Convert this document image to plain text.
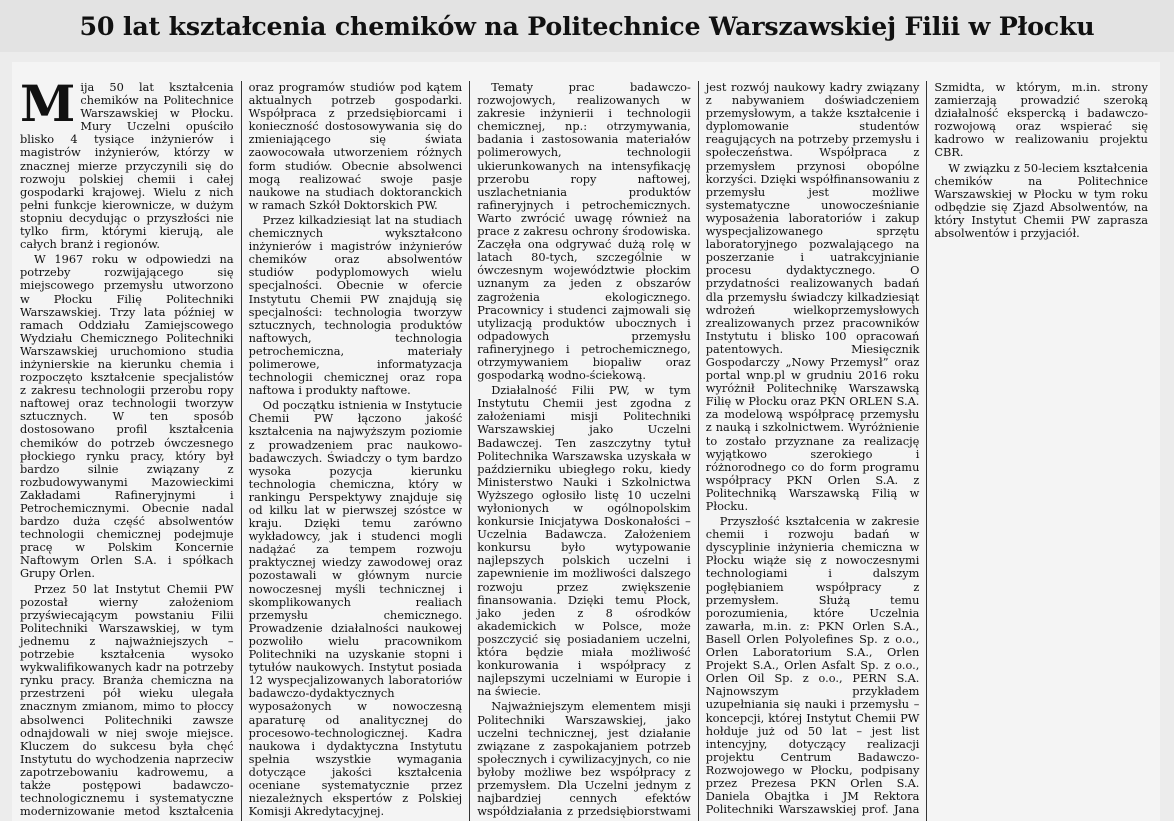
50 lat kształcenia chemików na Politechnice Warszawskiej Filii w Płocku

Mija 50 lat kształcenia chemików na Politechnice Warszawskiej w Płocku. Mury Uczelni opuściło blisko 4 tysiące inżynierów i magistrów inżynierów, którzy w znacznej mierze przyczynili się do rozwoju polskiej chemii i całej gospodarki krajowej. Wielu z nich pełni funkcje kierownicze, w dużym stopniu decydując o przyszłości nie tylko firm, którymi kierują, ale całych branż i regionów.

W 1967 roku w odpowiedzi na potrzeby rozwijającego się miejscowego przemysłu utworzono w Płocku Filię Politechniki Warszawskiej. Trzy lata później w ramach Oddziału Zamiejscowego Wydziału Chemicznego Politechniki Warszawskiej uruchomiono studia inżynierskie na kierunku chemia i rozpoczęto kształcenie specjalistów z zakresu technologii przerobu ropy naftowej oraz technologii tworzyw sztucznych. W ten sposób dostosowano profil kształcenia chemików do potrzeb ówczesnego płockiego rynku pracy, który był bardzo silnie związany z rozbudowywanymi Mazowieckimi Zakładami Rafineryjnymi i Petrochemicznymi. Obecnie nadal bardzo duża część absolwentów technologii chemicznej podejmuje pracę w Polskim Koncernie Naftowym Orlen S.A. i spółkach Grupy Orlen.

Przez 50 lat Instytut Chemii PW pozostał wierny założeniom przyświecającym powstaniu Filii Politechniki Warszawskiej, w tym jednemu z najważniejszych – potrzebie kształcenia wysoko wykwalifikowanych kadr na potrzeby rynku pracy. Branża chemiczna na przestrzeni pół wieku ulegała znacznym zmianom, mimo to płoccy absolwenci Politechniki zawsze odnajdowali w niej swoje miejsce. Kluczem do sukcesu była chęć Instytutu do wychodzenia naprzeciw zapotrzebowaniu kadrowemu, a także postępowi badawczo-technologicznemu i systematyczne modernizowanie metod kształcenia oraz programów studiów pod kątem aktualnych potrzeb gospodarki. Współpraca z przedsiębiorcami i konieczność dostosowywania się do zmieniającego się świata zaowocowała utworzeniem różnych form studiów. Obecnie absolwenci mogą realizować swoje pasje naukowe na studiach doktoranckich w ramach Szkół Doktorskich PW.

Przez kilkadziesiąt lat na studiach chemicznych wykształcono inżynierów i magistrów inżynierów chemików oraz absolwentów studiów podyplomowych wielu specjalności. Obecnie w ofercie Instytutu Chemii PW znajdują się specjalności: technologia tworzyw sztucznych, technologia produktów naftowych, technologia petrochemiczna, materiały polimerowe, informatyzacja technologii chemicznej oraz ropa naftowa i produkty naftowe.

Od początku istnienia w Instytucie Chemii PW łączono jakość kształcenia na najwyższym poziomie z prowadzeniem prac naukowo-badawczych. Świadczy o tym bardzo wysoka pozycja kierunku technologia chemiczna, który w rankingu Perspektywy znajduje się od kilku lat w pierwszej szóstce w kraju. Dzięki temu zarówno wykładowcy, jak i studenci mogli nadążać za tempem rozwoju praktycznej wiedzy zawodowej oraz pozostawali w głównym nurcie nowoczesnej myśli technicznej i skomplikowanych realiach przemysłu chemicznego. Prowadzenie działalności naukowej pozwoliło wielu pracownikom Politechniki na uzyskanie stopni i tytułów naukowych. Instytut posiada 12 wyspecjalizowanych laboratoriów badawczo-dydaktycznych wyposażonych w nowoczesną aparaturę od analitycznej do procesowo-technologicznej. Kadra naukowa i dydaktyczna Instytutu spełnia wszystkie wymagania dotyczące jakości kształcenia oceniane systematycznie przez niezależnych ekspertów z Polskiej Komisji Akredytacyjnej.

Tematy prac badawczo-rozwojowych, realizowanych w zakresie inżynierii i technologii chemicznej, np.: otrzymywania, badania i zastosowania materiałów polimerowych, technologii ukierunkowanych na intensyfikację przerobu ropy naftowej, uszlachetniania produktów rafineryjnych i petrochemicznych. Warto zwrócić uwagę również na prace z zakresu ochrony środowiska. Zaczęła ona odgrywać dużą rolę w latach 80-tych, szczególnie w ówczesnym województwie płockim uznanym za jeden z obszarów zagrożenia ekologicznego. Pracownicy i studenci zajmowali się utylizacją produktów ubocznych i odpadowych przemysłu rafineryjnego i petrochemicznego, otrzymywaniem biopaliw oraz gospodarką wodno-ściekową.

Działalność Filii PW, w tym Instytutu Chemii jest zgodna z założeniami misji Politechniki Warszawskiej jako Uczelni Badawczej. Ten zaszczytny tytuł Politechnika Warszawska uzyskała w październiku ubiegłego roku, kiedy Ministerstwo Nauki i Szkolnictwa Wyższego ogłosiło listę 10 uczelni wyłonionych w ogólnopolskim konkursie Inicjatywa Doskonałości – Uczelnia Badawcza. Założeniem konkursu było wytypowanie najlepszych polskich uczelni i zapewnienie im możliwości dalszego rozwoju przez zwiększenie finansowania. Dzięki temu Płock, jako jeden z 8 ośrodków akademickich w Polsce, może poszczycić się posiadaniem uczelni, która będzie miała możliwość konkurowania i współpracy z najlepszymi uczelniami w Europie i na świecie.

Najważniejszym elementem misji Politechniki Warszawskiej, jako uczelni technicznej, jest działanie związane z zaspokajaniem potrzeb społecznych i cywilizacyjnych, co nie byłoby możliwe bez współpracy z przemysłem. Dla Uczelni jednym z najbardziej cennych efektów współdziałania z przedsiębiorstwami jest rozwój naukowy kadry związany z nabywaniem doświadczeniem przemysłowym, a także kształcenie i dyplomowanie studentów reagujących na potrzeby przemysłu i społeczeństwa. Współpraca z przemysłem przynosi obopólne korzyści. Dzięki współfinansowaniu z przemysłu jest możliwe systematyczne unowocześnianie wyposażenia laboratoriów i zakup wyspecjalizowanego sprzętu laboratoryjnego pozwalającego na poszerzanie i uatrakcyjnianie procesu dydaktycznego. O przydatności realizowanych badań dla przemysłu świadczy kilkadziesiąt wdrożeń wielkoprzemysłowych zrealizowanych przez pracowników Instytutu i blisko 100 opracowań patentowych. Miesięcznik Gospodarczy „Nowy Przemysł” oraz portal wnp.pl w grudniu 2016 roku wyróżnił Politechnikę Warszawską Filię w Płocku oraz PKN ORLEN S.A. za modelową współpracę przemysłu z nauką i szkolnictwem. Wyróżnienie to zostało przyznane za realizację wyjątkowo szerokiego i różnorodnego co do form programu współpracy PKN Orlen S.A. z Politechniką Warszawską Filią w Płocku.

Przyszłość kształcenia w zakresie chemii i rozwoju badań w dyscyplinie inżynieria chemiczna w Płocku wiąże się z nowoczesnymi technologiami i dalszym pogłębianiem współpracy z przemysłem. Służą temu porozumienia, które Uczelnia zawarła, m.in. z: PKN Orlen S.A., Basell Orlen Polyolefines Sp. z o.o., Orlen Laboratorium S.A., Orlen Projekt S.A., Orlen Asfalt Sp. z o.o., Orlen Oil Sp. z o.o., PERN S.A. Najnowszym przykładem uzupełniania się nauki i przemysłu – koncepcji, której Instytut Chemii PW hołduje już od 50 lat – jest list intencyjny, dotyczący realizacji projektu Centrum Badawczo-Rozwojowego w Płocku, podpisany przez Prezesa PKN Orlen S.A. Daniela Obajtka i JM Rektora Politechniki Warszawskiej prof. Jana Szmidta, w którym, m.in. strony zamierzają prowadzić szeroką działalność ekspercką i badawczo-rozwojową oraz wspierać się kadrowo w realizowaniu projektu CBR.

W związku z 50-leciem kształcenia chemików na Politechnice Warszawskiej w Płocku w tym roku odbędzie się Zjazd Absolwentów, na który Instytut Chemii PW zaprasza absolwentów i przyjaciół.
